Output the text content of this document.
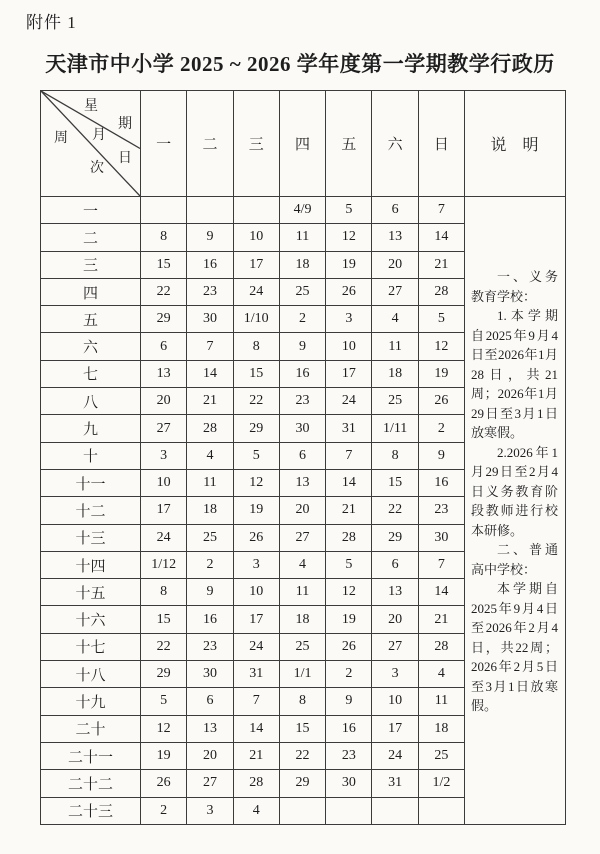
附件 1
天津市中小学 2025 ~ 2026 学年度第一学期教学行政历
星
期
月
日
周
次
	一	二	三	四	五	六	日
一				4/9	5	6	7
二	8	9	10	11	12	13	14
三	15	16	17	18	19	20	21
四	22	23	24	25	26	27	28
五	29	30	1/10	2	3	4	5
六	6	7	8	9	10	11	12
七	13	14	15	16	17	18	19
八	20	21	22	23	24	25	26
九	27	28	29	30	31	1/11	2
十	3	4	5	6	7	8	9
十一	10	11	12	13	14	15	16
十二	17	18	19	20	21	22	23
十三	24	25	26	27	28	29	30
十四	1/12	2	3	4	5	6	7
十五	8	9	10	11	12	13	14
十六	15	16	17	18	19	20	21
十七	22	23	24	25	26	27	28
十八	29	30	31	1/1	2	3	4
十九	5	6	7	8	9	10	11
二十	12	13	14	15	16	17	18
二十一	19	20	21	22	23	24	25
二十二	26	27	28	29	30	31	1/2
二十三	2	3	4				
说　明

一、义务教育学校：

1.本学期自2025年9月4日至2026年1月28日，共21周；2026年1月29日至3月1日放寒假。

2.2026年1月29日至2月4日义务教育阶段教师进行校本研修。

二、普通高中学校：

本学期自2025年9月4日至2026年2月4日，共22周；2026年2月5日至3月1日放寒假。
